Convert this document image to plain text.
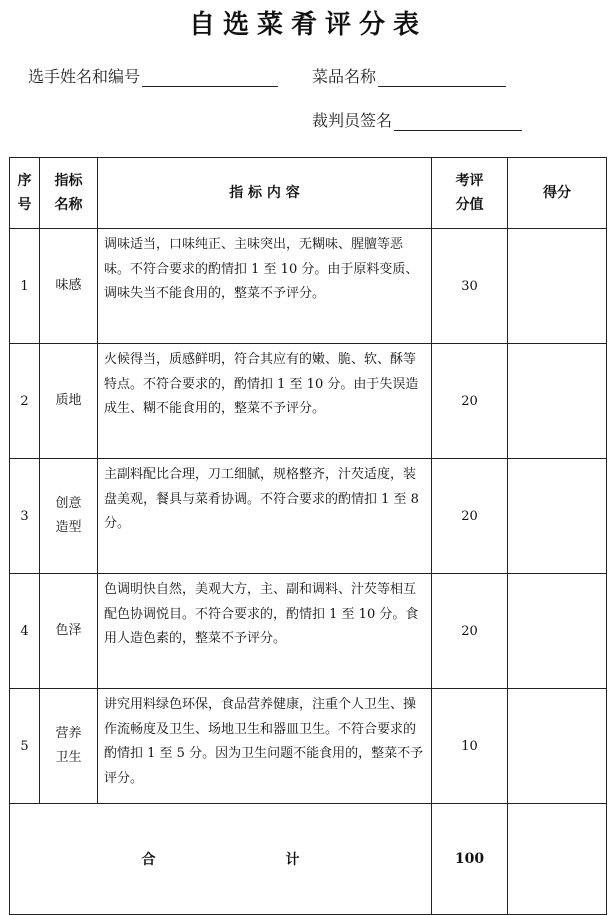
自选菜肴评分表
选手姓名和编号	菜品名称
裁判员签名
序号	指标名称	指 标 内 容	考评分值	得分
1	味感	调味适当，口味纯正、主味突出，无糊味、腥膻等恶味。不符合要求的酌情扣 1 至 10 分。由于原料变质、调味失当不能食用的，整菜不予评分。	30	
2	质地	火候得当，质感鲜明，符合其应有的嫩、脆、软、酥等特点。不符合要求的，酌情扣 1 至 10 分。由于失误造成生、糊不能食用的，整菜不予评分。	20	
3	创意造型	主副料配比合理，刀工细腻，规格整齐，汁芡适度，装盘美观，餐具与菜肴协调。不符合要求的酌情扣 1 至 8 分。	20	
4	色泽	色调明快自然，美观大方，主、副和调料、汁芡等相互配色协调悦目。不符合要求的，酌情扣 1 至 10 分。食用人造色素的，整菜不予评分。	20	
5	营养卫生	讲究用料绿色环保，食品营养健康，注重个人卫生、操作流畅度及卫生、场地卫生和器皿卫生。不符合要求的酌情扣 1 至 5 分。因为卫生问题不能食用的，整菜不予评分。	10	
合 计			100	
